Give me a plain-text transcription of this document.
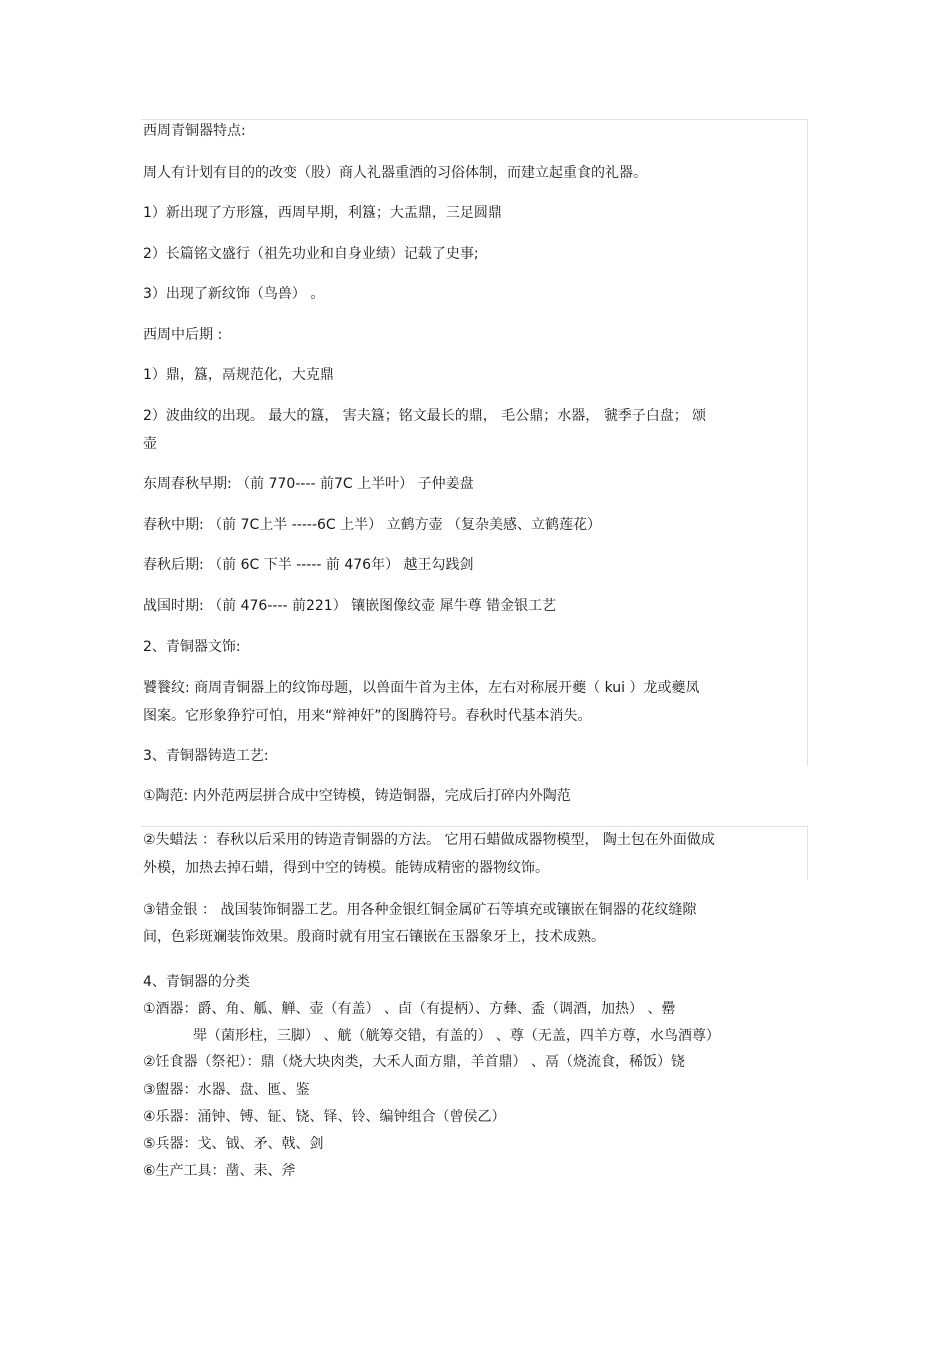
西周青铜器特点:

周人有计划有目的的改变（股）商人礼器重酒的习俗体制，而建立起重食的礼器。

1）新出现了方形簋，西周早期，利簋；大盂鼎，三足圆鼎

2）长篇铭文盛行（祖先功业和自身业绩）记载了史事;

3）出现了新纹饰（鸟兽） 。

西周中后期 :

1）鼎，簋，鬲规范化，大克鼎

2）波曲纹的出现。 最大的簋， 害夫簋；铭文最长的鼎， 毛公鼎；水器， 虢季子白盘； 颂

壶

东周春秋早期: （前 770---- 前7C 上半叶） 子仲姜盘

春秋中期: （前 7C上半 -----6C 上半） 立鹤方壶 （复杂美感、立鹤莲花）

春秋后期: （前 6C 下半 ----- 前 476年） 越王勾践剑

战国时期: （前 476---- 前221） 镶嵌图像纹壶 犀牛尊 错金银工艺

2、青铜器文饰:

饕餮纹: 商周青铜器上的纹饰母题，以兽面牛首为主体，左右对称展开夔（ kui ）龙或夔凤

图案。它形象狰狞可怕，用来“辩神奸”的图腾符号。春秋时代基本消失。

3、青铜器铸造工艺:

①陶范: 内外范两层拼合成中空铸模，铸造铜器，完成后打碎内外陶范

②失蜡法 ：春秋以后采用的铸造青铜器的方法。 它用石蜡做成器物模型， 陶土包在外面做成

外模，加热去掉石蜡，得到中空的铸模。能铸成精密的器物纹饰。

③错金银 ： 战国装饰铜器工艺。用各种金银红铜金属矿石等填充或镶嵌在铜器的花纹缝隙

间，色彩斑斓装饰效果。殷商时就有用宝石镶嵌在玉器象牙上，技术成熟。

4、青铜器的分类

①酒器：爵、角、觚、觯、壶（有盖） 、卣（有提柄）、方彝、盉（调酒，加热） 、罍

斝（菌形柱，三脚） 、觥（觥筹交错，有盖的） 、尊（无盖，四羊方尊，水鸟酒尊）

②饪食器（祭祀）：鼎（烧大块肉类，大禾人面方鼎，羊首鼎） 、鬲（烧流食，稀饭）铙

③盥器：水器、盘、匜、鉴

④乐器：涌钟、镈、钲、铙、铎、铃、编钟组合（曾侯乙）

⑤兵器：戈、钺、矛、戟、剑

⑥生产工具：凿、耒、斧
